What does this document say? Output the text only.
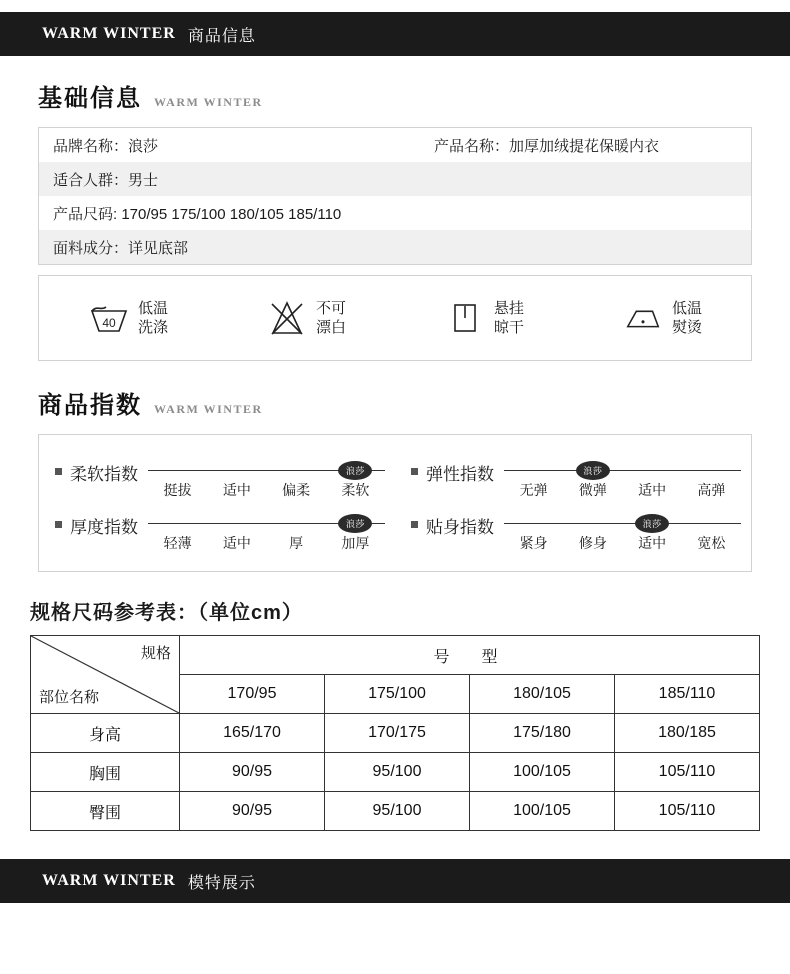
WARM WINTER 商品信息
基础信息 WARM WINTER
品牌名称：浪莎	产品名称：加厚加绒提花保暖内衣
适合人群：男士
产品尺码: 170/95 175/100 180/105 185/110
面料成分：详见底部
40
低温
洗涤
不可
漂白
悬挂
晾干
低温
熨烫
商品指数 WARM WINTER
柔软指数	浪莎
挺拔	适中	偏柔	柔软
弹性指数	浪莎
无弹	微弹	适中	高弹
厚度指数	浪莎
轻薄	适中	厚	加厚
贴身指数	浪莎
紧身	修身	适中	宽松
规格尺码参考表：（单位cm）
规格
部位名称	号　型			
	170/95	175/100	180/105	185/110
身高	165/170	170/175	175/180	180/185
胸围	90/95	95/100	100/105	105/110
臀围	90/95	95/100	100/105	105/110
WARM WINTER 模特展示
